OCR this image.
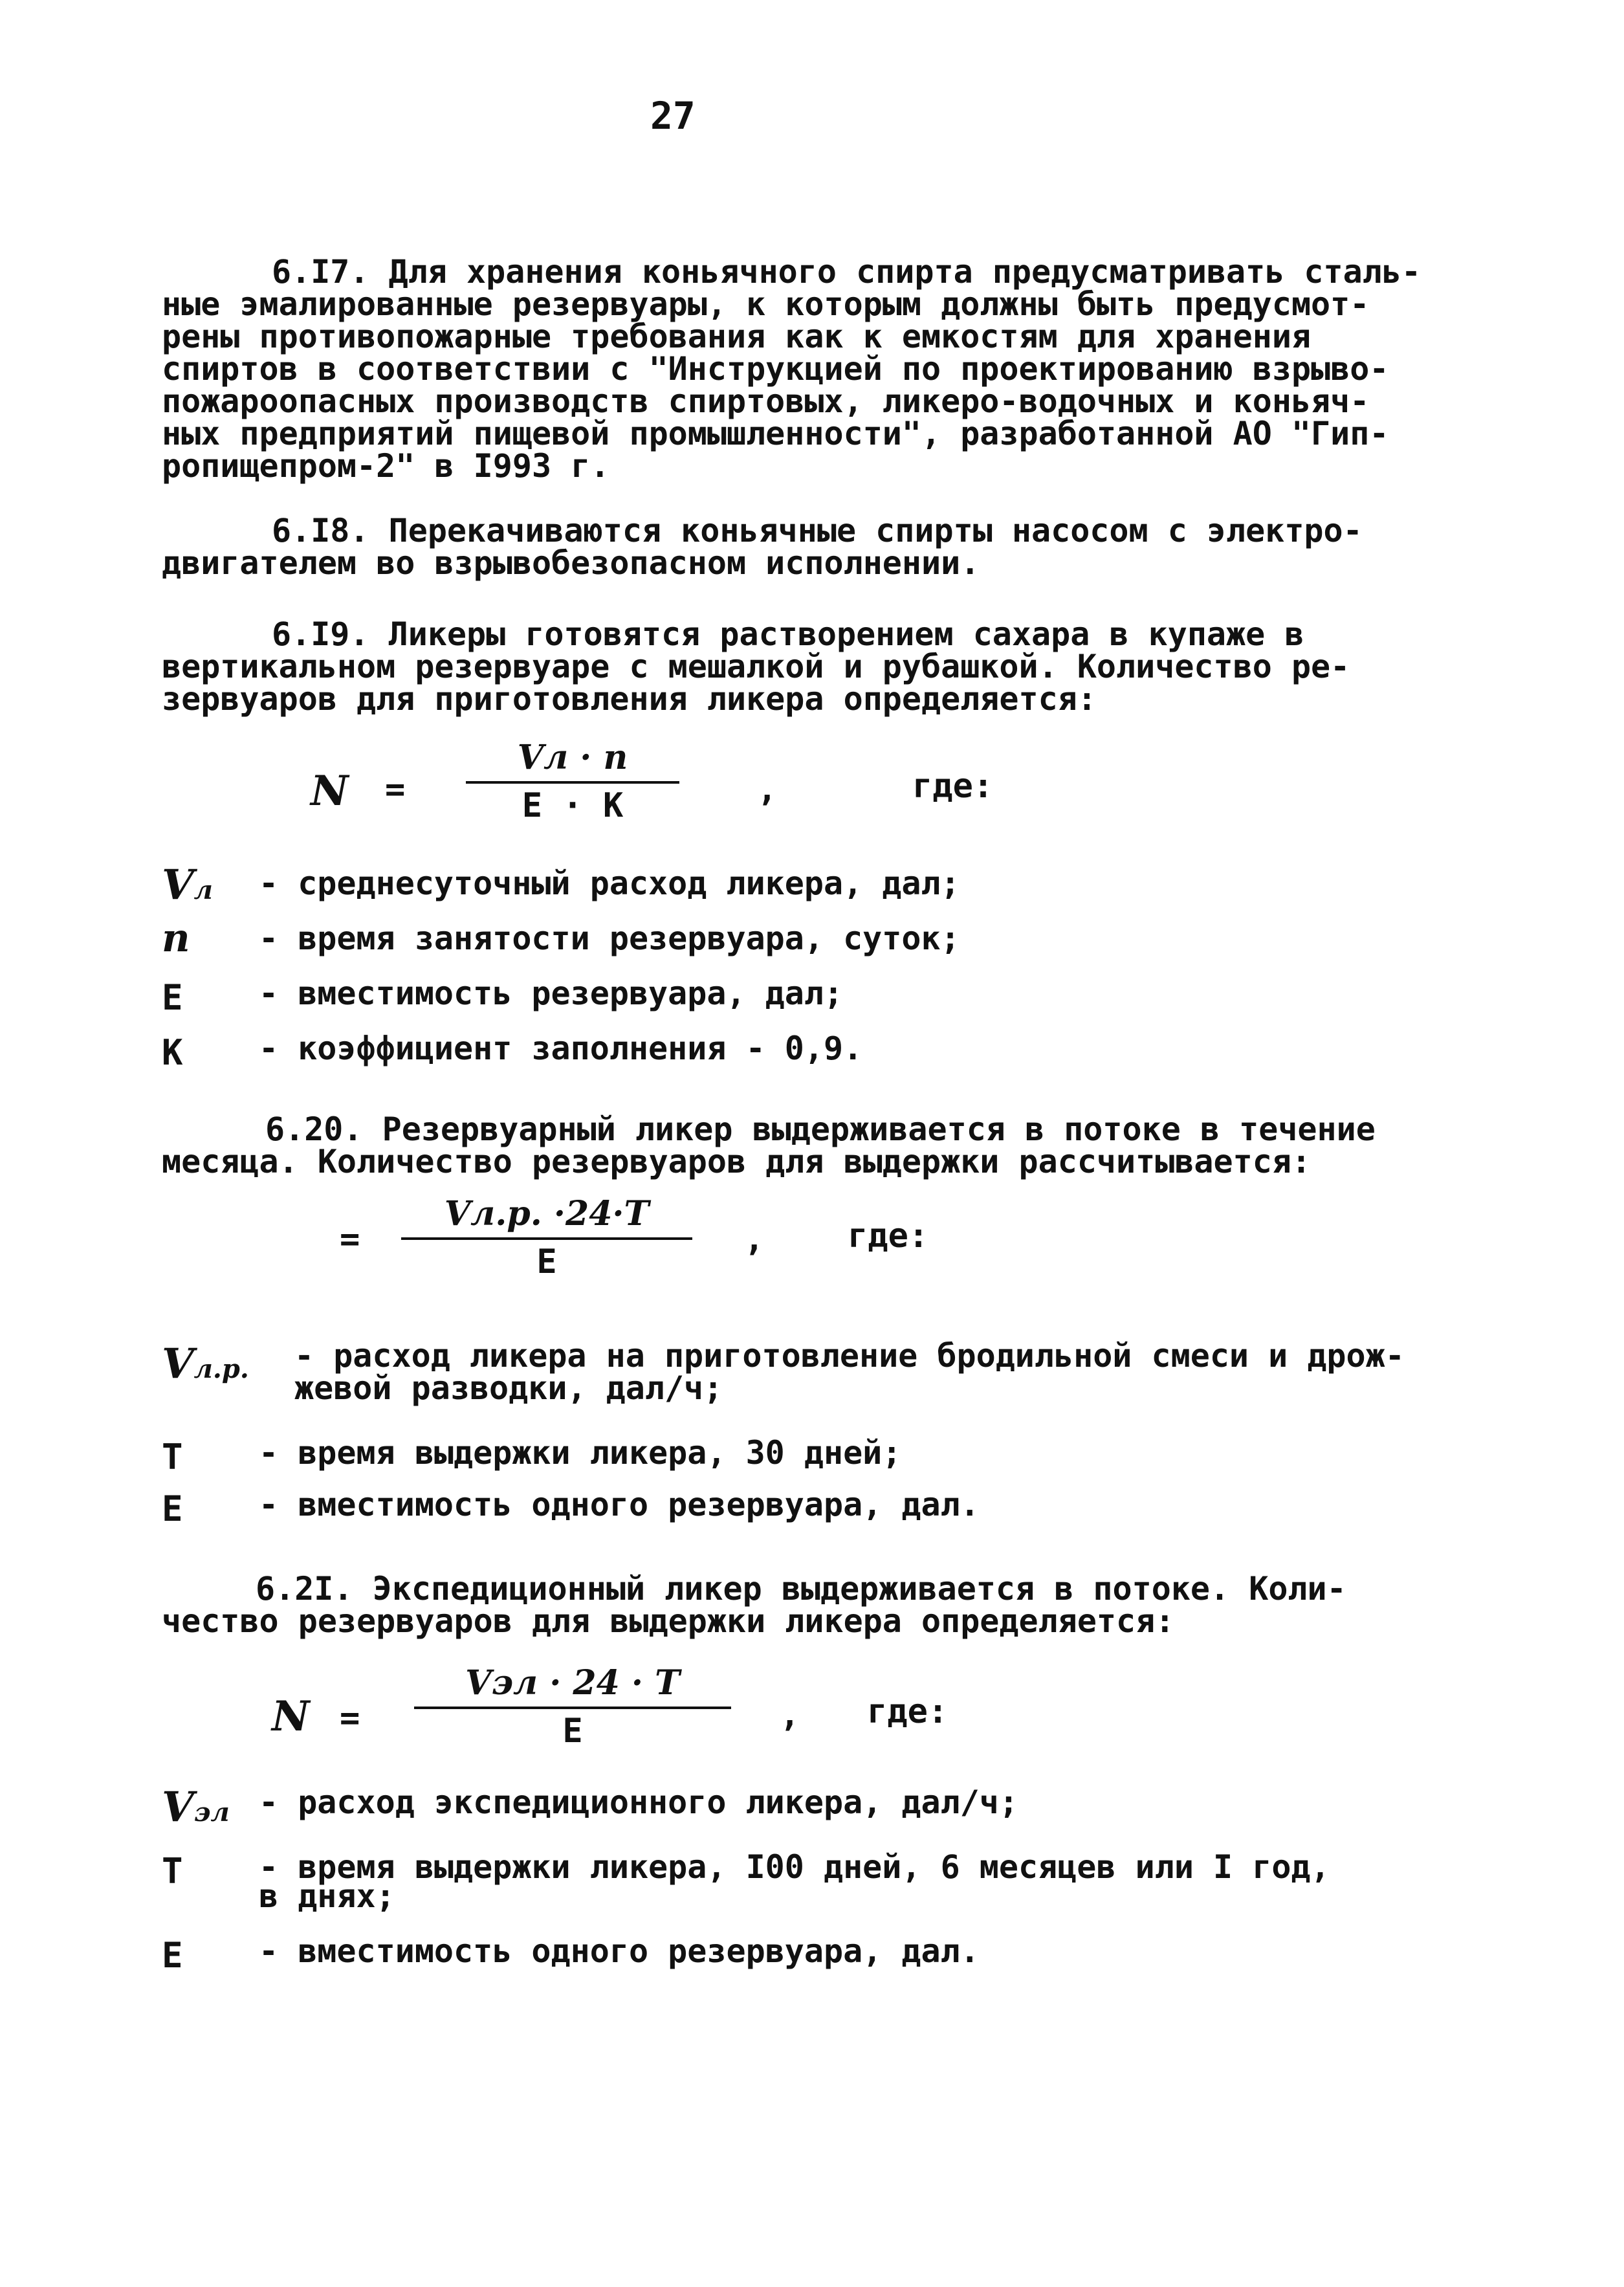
27

6.I7. Для хранения коньячного спирта предусматривать сталь-

ные эмалированные резервуары, к которым должны быть предусмот-

рены противопожарные требования как к емкостям для хранения

спиртов в соответствии с "Инструкцией по проектированию взрыво-

пожароопасных производств спиртовых, ликеро-водочных и коньяч-

ных предприятий пищевой промышленности", разработанной АО "Гип-

ропищепром-2" в I993 г.

6.I8. Перекачиваются коньячные спирты насосом с электро-

двигателем во взрывобезопасном исполнении.

6.I9. Ликеры готовятся растворением сахара в купаже в

вертикальном резервуаре с мешалкой и рубашкой. Количество ре-

зервуаров для приготовления ликера определяется:

N =
Vл · n
Е · К	,	где:
Vл - среднесуточный расход ликера, дал;
n - время занятости резервуара, суток;
Е - вместимость резервуара, дал;
К - коэффициент заполнения - 0,9.

6.20. Резервуарный ликер выдерживается в потоке в течение

месяца. Количество резервуаров для выдержки рассчитывается:

=
Vл.р. ·24·Т
Е
, где:
Vл.р. - расход ликера на приготовление бродильной смеси и дрож-
жевой разводки, дал/ч;
Т - время выдержки ликера, 30 дней;
Е - вместимость одного резервуара, дал.

6.2I. Экспедиционный ликер выдерживается в потоке. Коли-

чество резервуаров для выдержки ликера определяется:

N =
Vэл · 24 · Т
Е	, где:
Vэл - расход экспедиционного ликера, дал/ч;
Т - время выдержки ликера, I00 дней, 6 месяцев или I год,
в днях;
Е - вместимость одного резервуара, дал.
